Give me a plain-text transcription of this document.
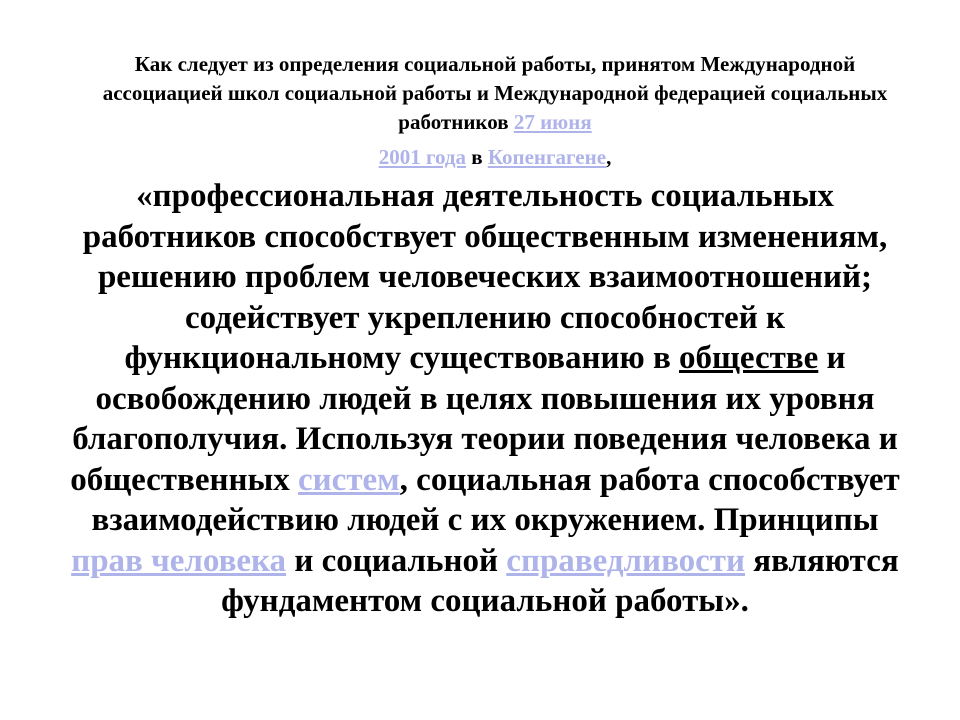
Как следует из определения социальной работы, принятом Международной ассоциацией школ социальной работы и Международной федерацией социальных работников 27 июня
2001 года в Копенгагене,

«профессиональная деятельность социальных работников способствует общественным изменениям, решению проблем человеческих взаимоотношений; содействует укреплению способностей к функциональному существованию в обществе и освобождению людей в целях повышения их уровня благополучия. Используя теории поведения человека и общественных систем, социальная работа способствует взаимодействию людей с их окружением. Принципы прав человека и социальной справедливости являются фундаментом социальной работы».
